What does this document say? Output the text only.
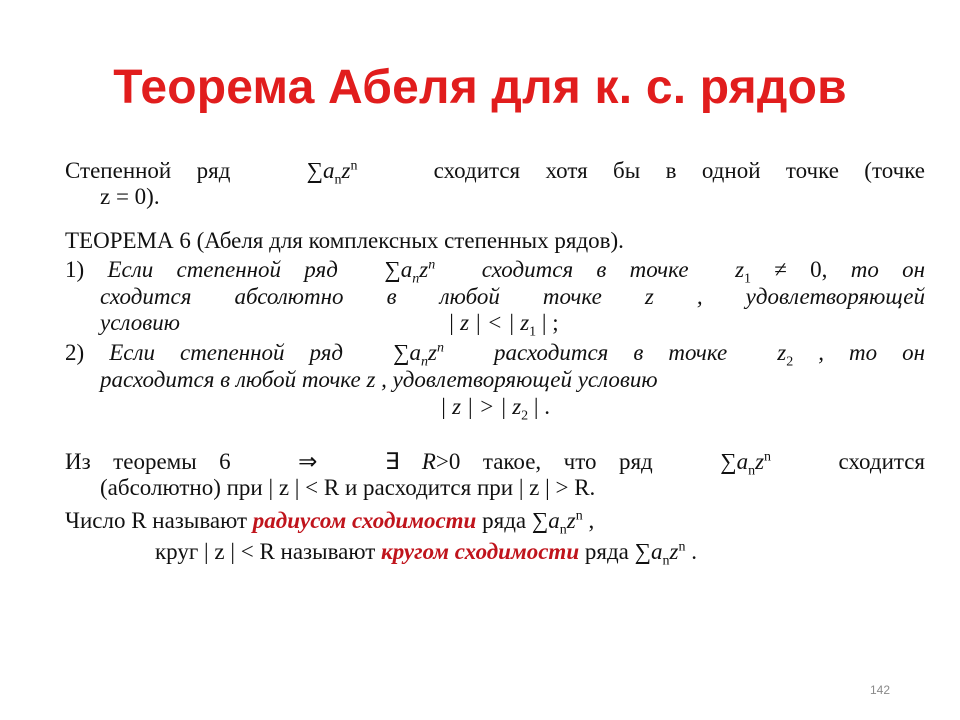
Теорема Абеля для к. с. рядов
Степенной ряд	$\sum a_nz^n$	сходится хотя бы в одной точке (точке
z = 0).
ТЕОРЕМА 6 (Абеля для комплексных степенных рядов).
1) Если степенной ряд $\sum a_nz^n$ сходится в точке $z_1 \ne 0$, то он
сходится абсолютно в любой точке z , удовлетворяющей
условию	| z | < | $z_1$ | ;
2) Если степенной ряд $\sum a_nz^n$ расходится в точке $z_2$ , то он
расходится в любой точке z , удовлетворяющей условию
| z | > | $z_2$ | .
Из теоремы 6	⇒	∃ R>0 такое, что ряд	$\sum a_nz^n$	сходится
(абсолютно) при | z | < R и расходится при | z | > R.
Число R называют радиусом сходимости ряда $\sum a_nz^n$ ,
круг | z | < R называют кругом сходимости ряда $\sum a_nz^n$ .
142
